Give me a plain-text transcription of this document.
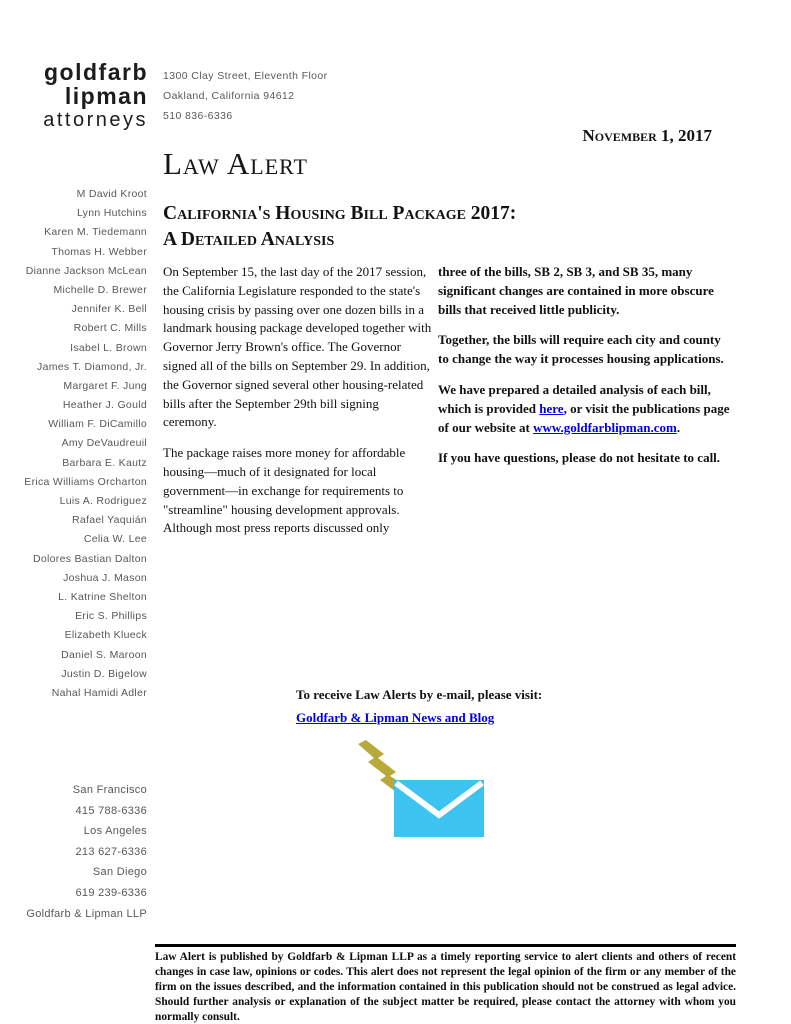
goldfarb
lipman
attorneys
1300 Clay Street, Eleventh Floor
Oakland, California 94612
510 836-6336
November 1, 2017
M David Kroot
Lynn Hutchins
Karen M. Tiedemann
Thomas H. Webber
Dianne Jackson McLean
Michelle D. Brewer
Jennifer K. Bell
Robert C. Mills
Isabel L. Brown
James T. Diamond, Jr.
Margaret F. Jung
Heather J. Gould
William F. DiCamillo
Amy DeVaudreuil
Barbara E. Kautz
Erica Williams Orcharton
Luis A. Rodriguez
Rafael Yaquián
Celia W. Lee
Dolores Bastian Dalton
Joshua J. Mason
L. Katrine Shelton
Eric S. Phillips
Elizabeth Klueck
Daniel S. Maroon
Justin D. Bigelow
Nahal Hamidi Adler
San Francisco
415 788-6336
Los Angeles
213 627-6336
San Diego
619 239-6336
Goldfarb & Lipman LLP
Law Alert
California's Housing Bill Package 2017:
A Detailed Analysis

On September 15, the last day of the 2017 session, the California Legislature responded to the state's housing crisis by passing over one dozen bills in a landmark housing package developed together with Governor Jerry Brown's office. The Governor signed all of the bills on September 29. In addition, the Governor signed several other housing-related bills after the September 29th bill signing ceremony.

The package raises more money for affordable housing—much of it designated for local government—in exchange for requirements to "streamline" housing development approvals. Although most press reports discussed only

three of the bills, SB 2, SB 3, and SB 35, many significant changes are contained in more obscure bills that received little publicity.

Together, the bills will require each city and county to change the way it processes housing applications.

We have prepared a detailed analysis of each bill, which is provided here, or visit the publications page of our website at www.goldfarblipman.com.

If you have questions, please do not hesitate to call.

To receive Law Alerts by e-mail, please visit:
Goldfarb & Lipman News and Blog
Law Alert is published by Goldfarb & Lipman LLP as a timely reporting service to alert clients and others of recent changes in case law, opinions or codes. This alert does not represent the legal opinion of the firm or any member of the firm on the issues described, and the information contained in this publication should not be construed as legal advice. Should further analysis or explanation of the subject matter be required, please contact the attorney with whom you normally consult.
